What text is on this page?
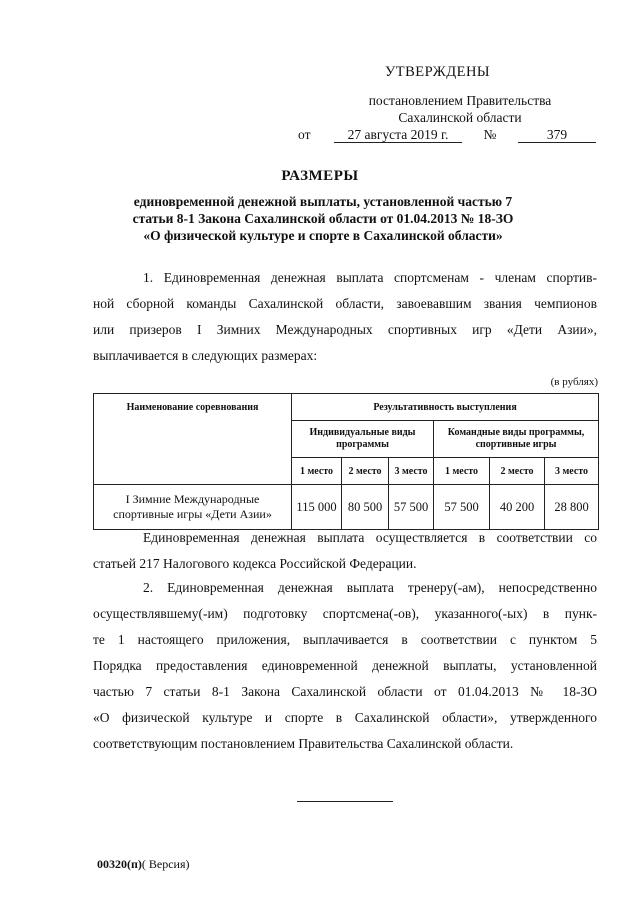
УТВЕРЖДЕНЫ
постановлением Правительства
Сахалинской области
от	27 августа 2019 г.	№	379
РАЗМЕРЫ
единовременной денежной выплаты, установленной частью 7
статьи 8-1 Закона Сахалинской области от 01.04.2013 № 18-ЗО
«О физической культуре и спорте в Сахалинской области»
1. Единовременная денежная выплата спортсменам - членам спортив-
ной сборной команды Сахалинской области, завоевавшим звания чемпионов
или призеров I Зимних Международных спортивных игр «Дети Азии»,
выплачивается в следующих размерах:
(в рублях)
Наименование соревнования	Результативность выступления					
	Индивидуальные виды программы			Командные виды программы, спортивные игры		
	1 место	2 место	3 место	1 место	2 место	3 место
I Зимние Международные спортивные игры «Дети Азии»	115 000	80 500	57 500	57 500	40 200	28 800
Единовременная денежная выплата осуществляется в соответствии со
статьей 217 Налогового кодекса Российской Федерации.
2. Единовременная денежная выплата тренеру(-ам), непосредственно
осуществлявшему(-им) подготовку спортсмена(-ов), указанного(-ых) в пунк-
те 1 настоящего приложения, выплачивается в соответствии с пунктом 5
Порядка предоставления единовременной денежной выплаты, установленной
частью 7 статьи 8-1 Закона Сахалинской области от 01.04.2013 № 18-ЗО
«О физической культуре и спорте в Сахалинской области», утвержденного
соответствующим постановлением Правительства Сахалинской области.
00320(п)( Версия)
